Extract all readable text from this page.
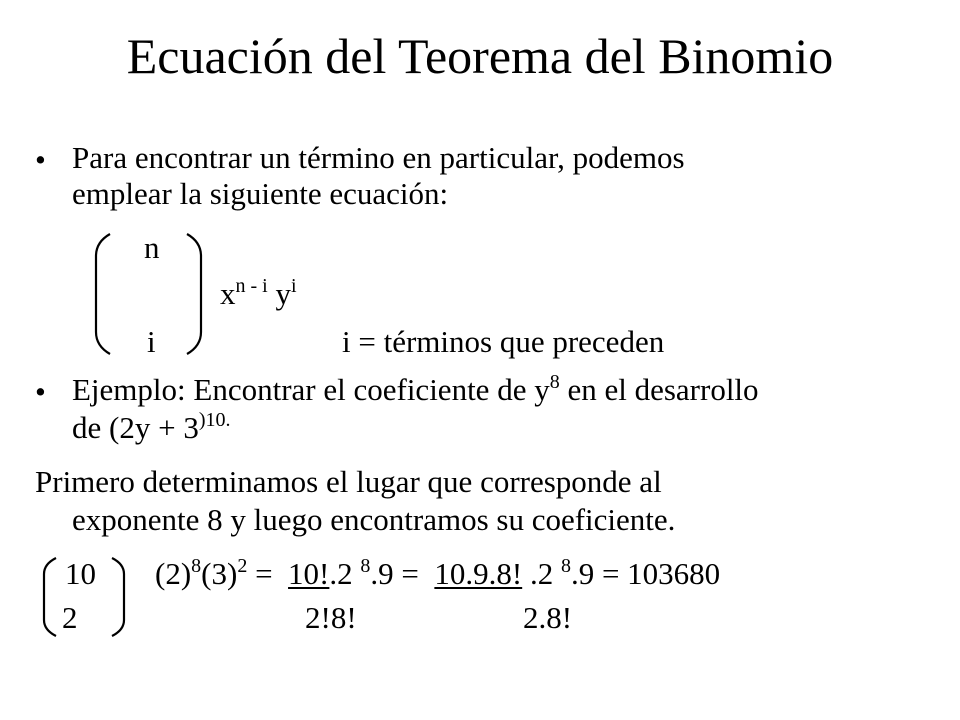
Ecuación del Teorema del Binomio
• Para encontrar un término en particular, podemos
emplear la siguiente ecuación:
n
$x^{n - i}$ $y^i$
i	i = términos que preceden
• Ejemplo: Encontrar el coeficiente de $y^8$ en el desarrollo
de ($2y + 3^{)10.}$
Primero determinamos el lugar que corresponde al
exponente 8 y luego encontramos su coeficiente.
10
2
$(2)^8(3)^2 = 10!.2$ $^8$.9 =  10.9.8! .2 $^8$.9 = 103680
2!8!	2.8!
